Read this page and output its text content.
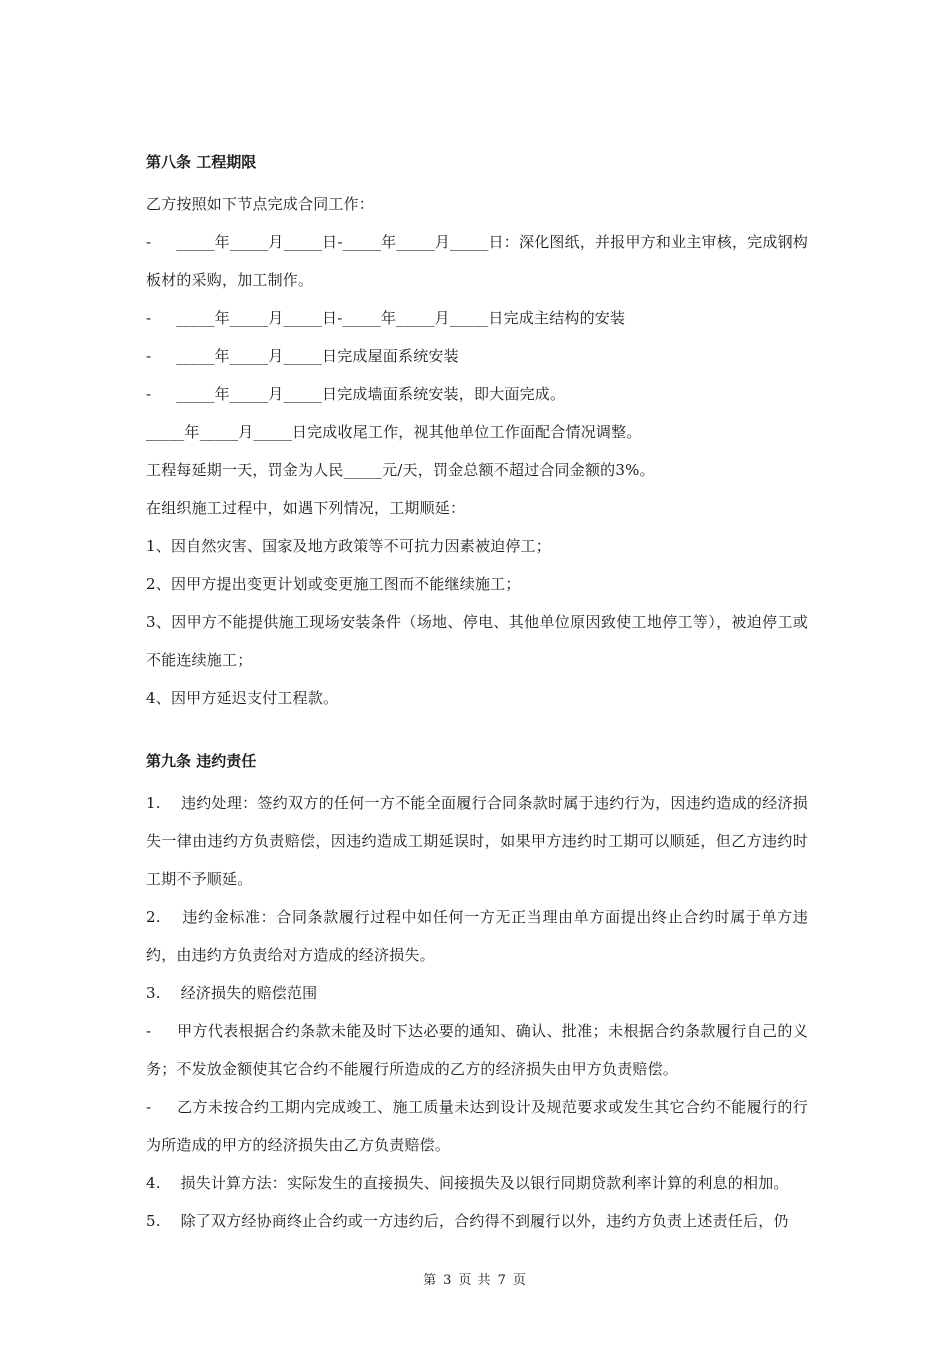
第八条 工程期限

乙方按照如下节点完成合同工作：

-     _____年_____月_____日-_____年_____月_____日：深化图纸，并报甲方和业主审核，完成钢构板材的采购，加工制作。

-     _____年_____月_____日-_____年_____月_____日完成主结构的安装

-     _____年_____月_____日完成屋面系统安装

-     _____年_____月_____日完成墙面系统安装，即大面完成。

_____年_____月_____日完成收尾工作，视其他单位工作面配合情况调整。

工程每延期一天，罚金为人民_____元/天，罚金总额不超过合同金额的3%。

在组织施工过程中，如遇下列情况，工期顺延：

1、因自然灾害、国家及地方政策等不可抗力因素被迫停工；

2、因甲方提出变更计划或变更施工图而不能继续施工；

3、因甲方不能提供施工现场安装条件（场地、停电、其他单位原因致使工地停工等），被迫停工或不能连续施工；

4、因甲方延迟支付工程款。

第九条 违约责任

1.    违约处理：签约双方的任何一方不能全面履行合同条款时属于违约行为，因违约造成的经济损失一律由违约方负责赔偿，因违约造成工期延误时，如果甲方违约时工期可以顺延，但乙方违约时工期不予顺延。

2.    违约金标准：合同条款履行过程中如任何一方无正当理由单方面提出终止合约时属于单方违约，由违约方负责给对方造成的经济损失。

3.    经济损失的赔偿范围

-     甲方代表根据合约条款未能及时下达必要的通知、确认、批准；未根据合约条款履行自己的义务；不发放金额使其它合约不能履行所造成的乙方的经济损失由甲方负责赔偿。

-     乙方未按合约工期内完成竣工、施工质量未达到设计及规范要求或发生其它合约不能履行的行为所造成的甲方的经济损失由乙方负责赔偿。

4.    损失计算方法：实际发生的直接损失、间接损失及以银行同期贷款利率计算的利息的相加。

5.    除了双方经协商终止合约或一方违约后，合约得不到履行以外，违约方负责上述责任后，仍

第 3 页 共 7 页
